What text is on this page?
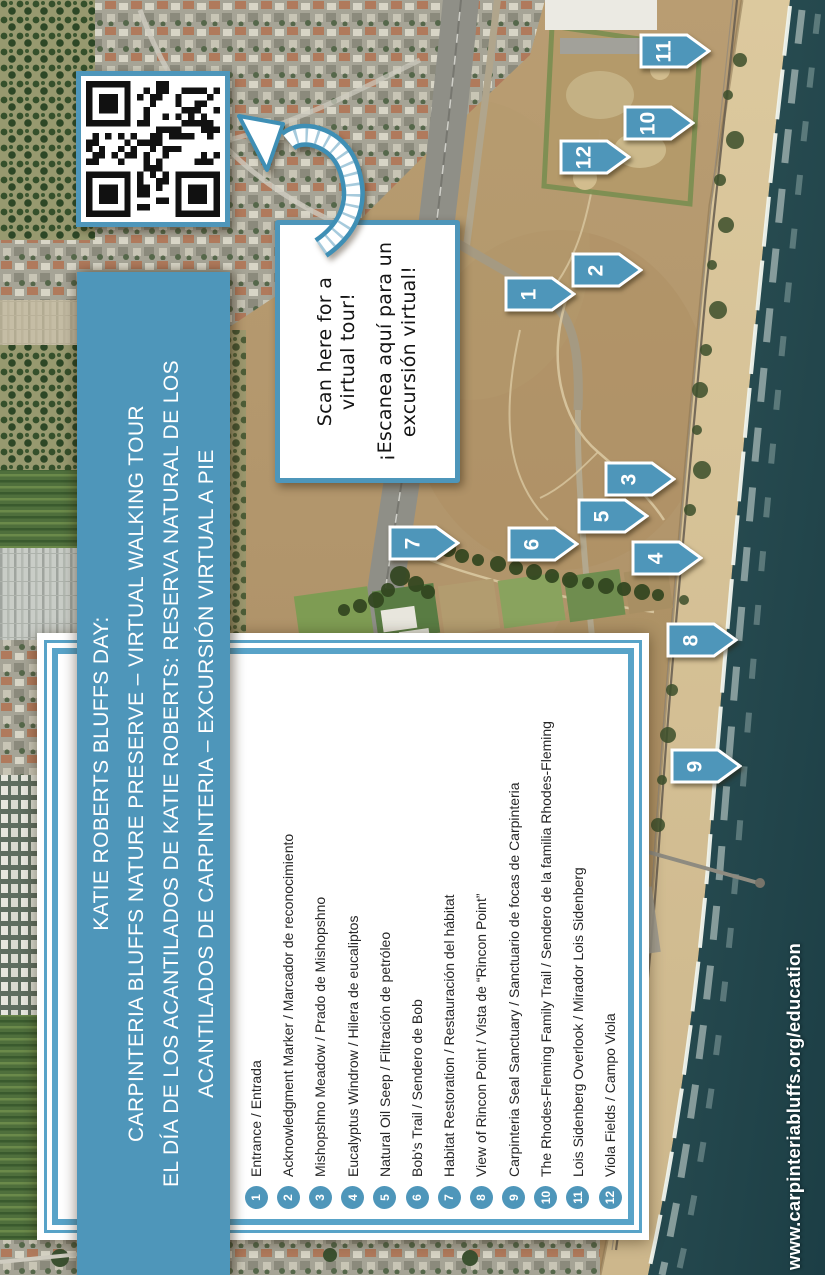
Scan here for a virtual tour! ¡Escanea aquí para un excursión virtual!

KATIE ROBERTS BLUFFS DAY: CARPINTERIA BLUFFS NATURE PRESERVE – VIRTUAL WALKING TOUR EL DÍA DE LOS ACANTILADOS DE KATIE ROBERTS: RESERVA NATURAL DE LOS ACANTILADOS DE CARPINTERIA – EXCURSIÓN VIRTUAL A PIE
1
Entrance / Entrada
2
Acknowledgment Marker / Marcador de reconocimiento
3
Mishopshno Meadow / Prado de Mishopshno
4
Eucalyptus Windrow / Hilera de eucaliptos
5
Natural Oil Seep / Filtración de petróleo
6
Bob's Trail / Sendero de Bob
7
Habitat Restoration / Restauración del hábitat
8
View of Rincon Point / Vista de “Rincon Point”
9
Carpinteria Seal Sanctuary / Sanctuario de focas de Carpinteria
10
The Rhodes-Fleming Family Trail / Sendero de la familia Rhodes-Fleming
11
Lois Sidenberg Overlook / Mirador Lois Sidenberg
12
Viola Fields / Campo Viola
1
2
3
4
5
6
7
8
9
10
11
12
www.carpinteriabluffs.org/education
